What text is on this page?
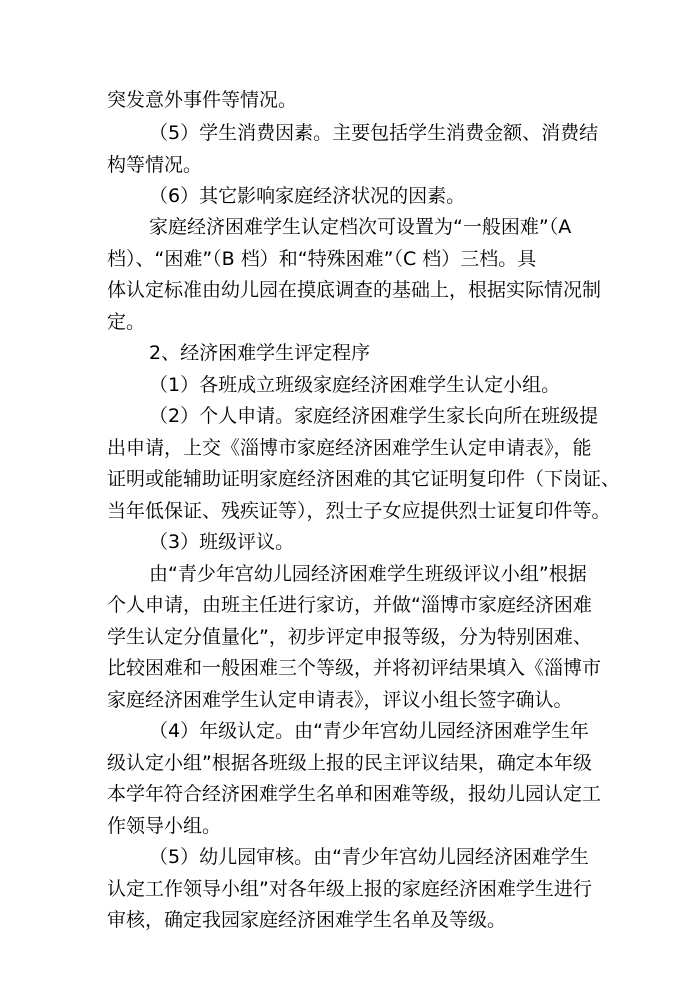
突发意外事件等情况。
（5）学生消费因素。主要包括学生消费金额、消费结
构等情况。
（6）其它影响家庭经济状况的因素。
家庭经济困难学生认定档次可设置为“一般困难”（A
档）、“困难”（B 档）和“特殊困难”（C 档）三档。具
体认定标准由幼儿园在摸底调查的基础上，根据实际情况制
定。
2、经济困难学生评定程序
（1）各班成立班级家庭经济困难学生认定小组。
（2）个人申请。家庭经济困难学生家长向所在班级提
出申请，上交《淄博市家庭经济困难学生认定申请表》，能
证明或能辅助证明家庭经济困难的其它证明复印件（下岗证、
当年低保证、残疾证等），烈士子女应提供烈士证复印件等。
（3）班级评议。
由“青少年宫幼儿园经济困难学生班级评议小组”根据
个人申请，由班主任进行家访，并做“淄博市家庭经济困难
学生认定分值量化”，初步评定申报等级，分为特别困难、
比较困难和一般困难三个等级，并将初评结果填入《淄博市
家庭经济困难学生认定申请表》，评议小组长签字确认。
（4）年级认定。由“青少年宫幼儿园经济困难学生年
级认定小组”根据各班级上报的民主评议结果，确定本年级
本学年符合经济困难学生名单和困难等级，报幼儿园认定工
作领导小组。
（5）幼儿园审核。由“青少年宫幼儿园经济困难学生
认定工作领导小组”对各年级上报的家庭经济困难学生进行
审核，确定我园家庭经济困难学生名单及等级。
